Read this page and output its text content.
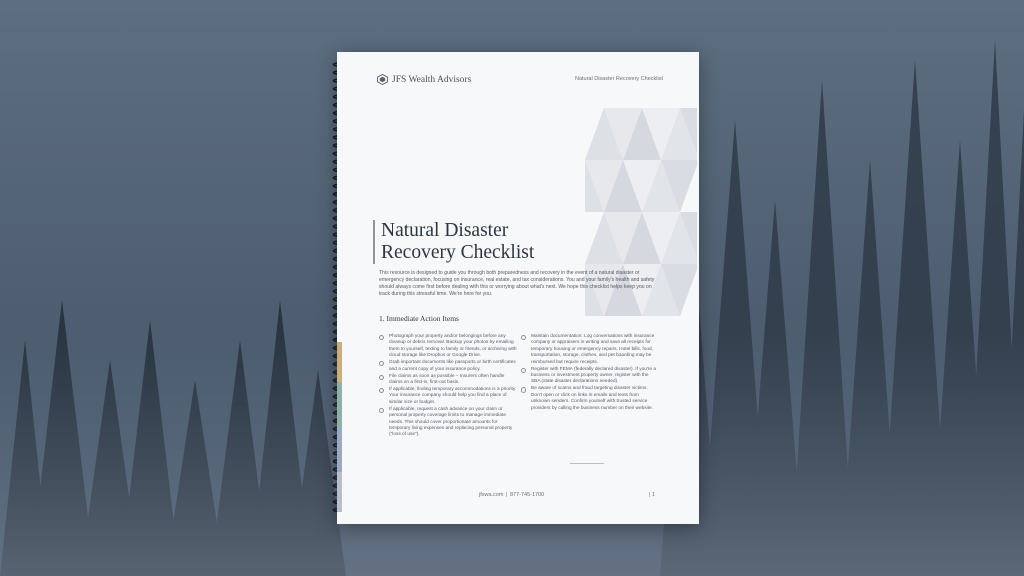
JFS Wealth Advisors	Natural Disaster Recovery Checklist
Natural Disaster
Recovery Checklist
This resource is designed to guide you through both preparedness and recovery in the event of a natural disaster or emergency declaration, focusing on insurance, real estate, and tax considerations. You and your family's health and safety should always come first before dealing with this or worrying about what's next. We hope this checklist helps keep you on track during this stressful time. We're here for you.
1. Immediate Action Items
Photograph your property and/or belongings before any cleanup or debris removal. Backup your photos by emailing them to yourself, texting to family or friends, or archiving with cloud storage like Dropbox or Google Drive.
Grab important documents like passports or birth certificates and a current copy of your insurance policy.
File claims as soon as possible – Insurers often handle claims on a first-in, first-out basis.
If applicable, finding temporary accommodations is a priority. Your insurance company should help you find a place of similar size or budget.
If applicable, request a cash advance on your claim or personal property coverage limits to manage immediate needs. This should cover proportionate amounts for temporary living expenses and replacing personal property ("loss of use").
Maintain documentation: Log conversations with insurance company or appraisers in writing and save all receipts for temporary housing or emergency repairs. Hotel bills, food, transportation, storage, clothes, and pet boarding may be reimbursed but require receipts.
Register with FEMA (federally declared disaster). If you're a business or investment property owner, register with the SBA (state disaster declarations needed).
Be aware of scams and fraud targeting disaster victims. Don't open or click on links in emails and texts from unknown senders. Confirm yourself with trusted service providers by calling the business number on their website.
jfswa.com | 877-745-1700	| 1
